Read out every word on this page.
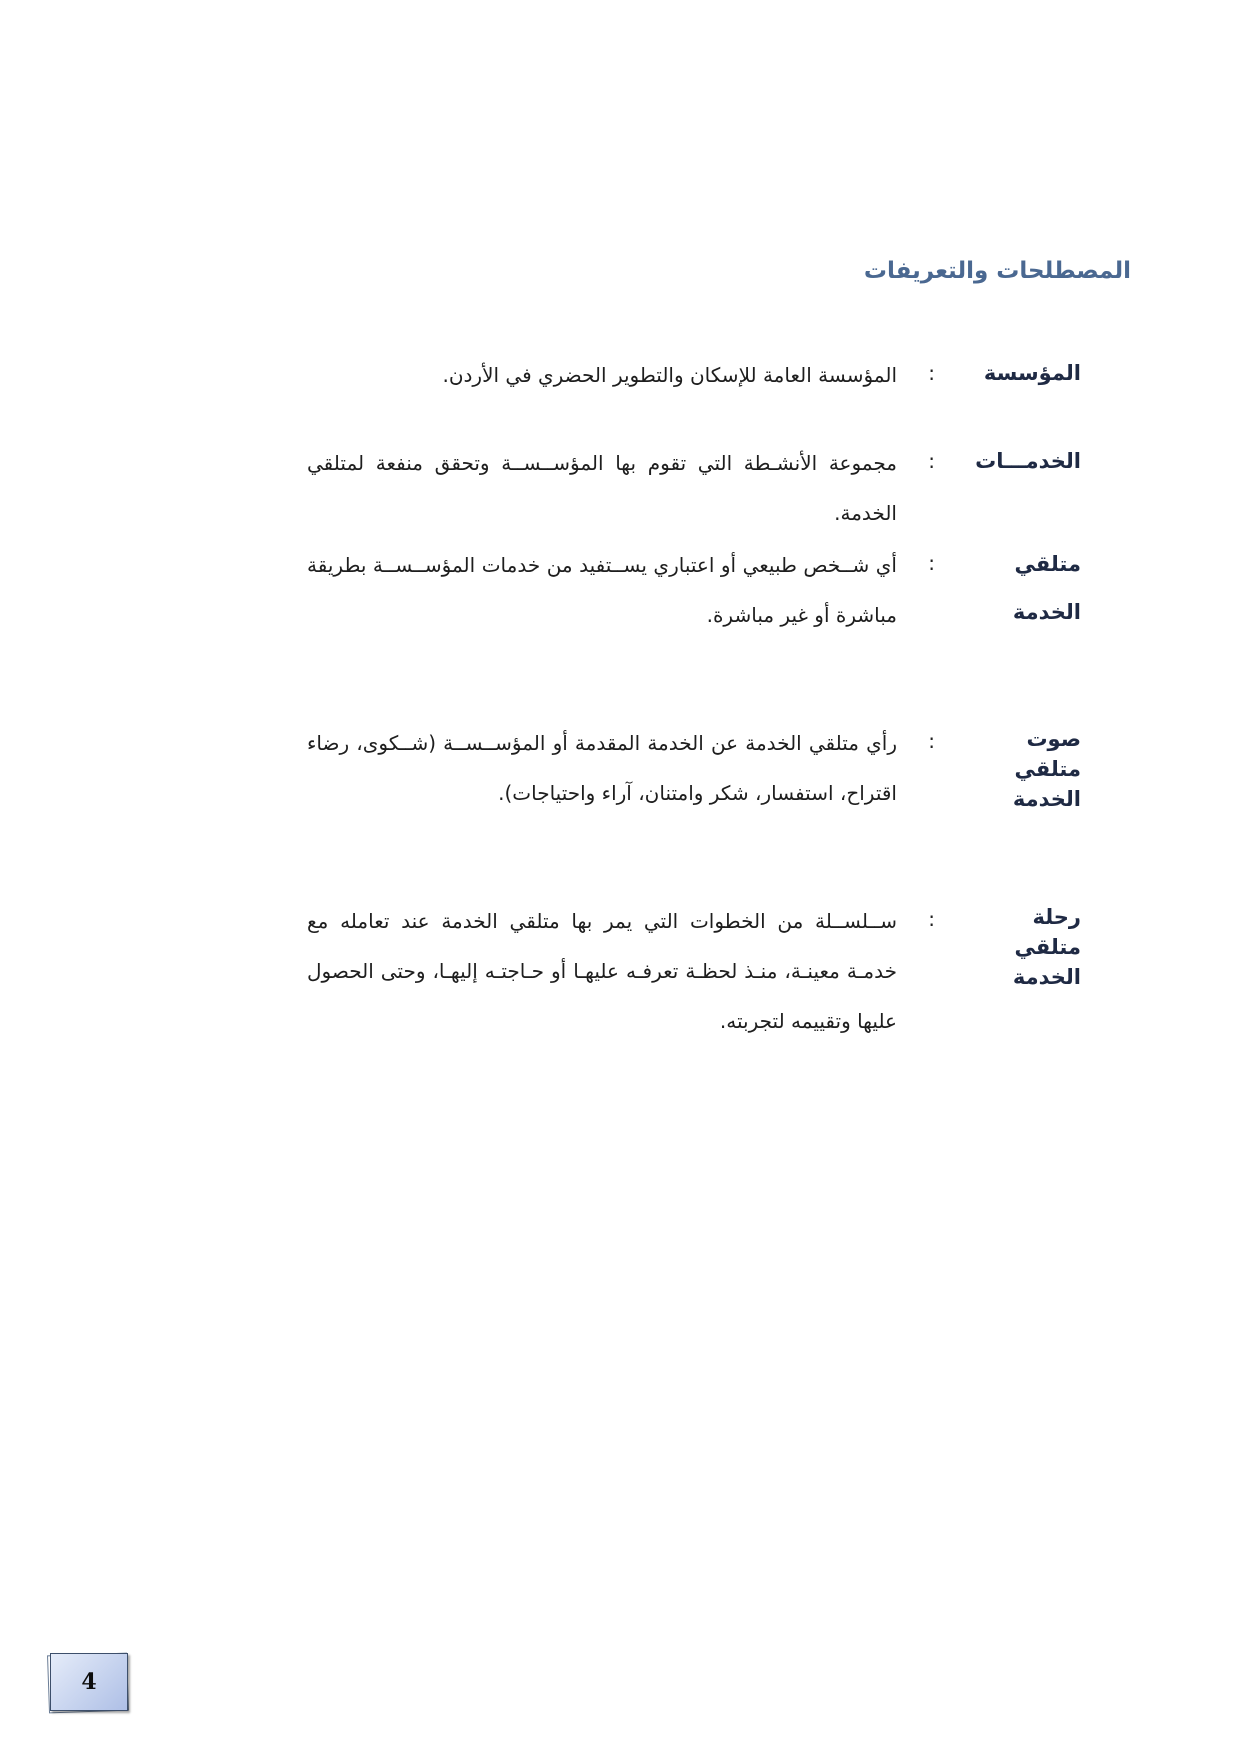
المصطلحات والتعريفات
المؤسسة
:
المؤسسة العامة للإسكان والتطوير الحضري في الأردن.
الخدمـــات
:
مجموعة الأنشـطة التي تقوم بها المؤســســة وتحقق منفعة لمتلقي الخدمة.
متلقي الخدمة
:
أي شــخص طبيعي أو اعتباري يســتفيد من خدمات المؤســســة بطريقة مباشرة أو غير مباشرة.
صوت متلقي الخدمة
:
رأي متلقي الخدمة عن الخدمة المقدمة أو المؤســســة (شــكوى، رضاء اقتراح، استفسار، شكر وامتنان، آراء واحتياجات).
رحلة متلقي الخدمة
:
ســلســلة من الخطوات التي يمر بها متلقي الخدمة عند تعامله مع خدمـة معينـة، منـذ لحظـة تعرفـه عليهـا أو حـاجتـه إليهـا، وحتى الحصول عليها وتقييمه لتجربته.
4
